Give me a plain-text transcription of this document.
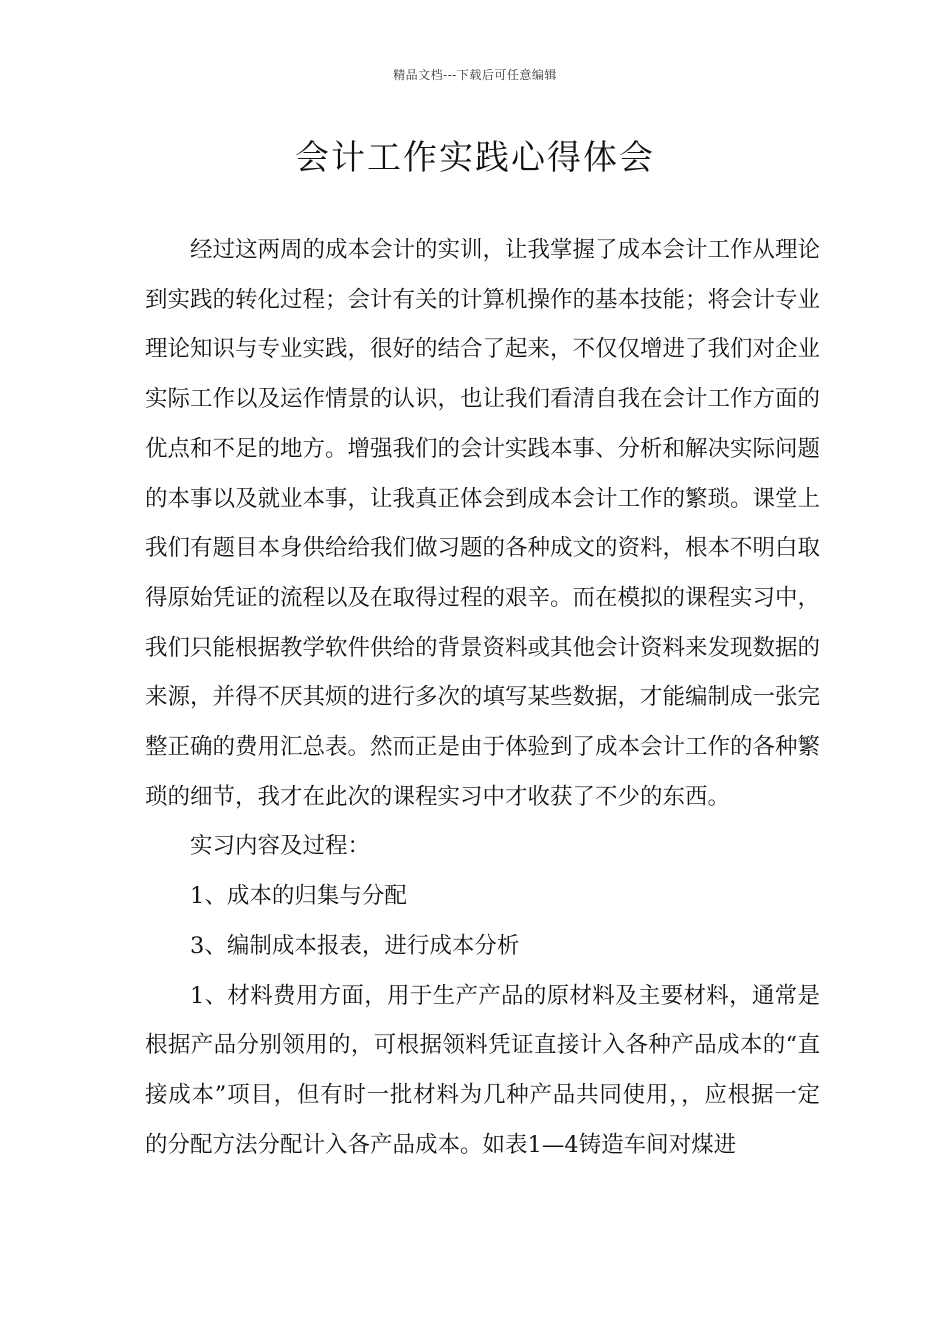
精品文档---下载后可任意编辑
会计工作实践心得体会

经过这两周的成本会计的实训，让我掌握了成本会计工作从理论到实践的转化过程；会计有关的计算机操作的基本技能；将会计专业理论知识与专业实践，很好的结合了起来，不仅仅增进了我们对企业实际工作以及运作情景的认识，也让我们看清自我在会计工作方面的优点和不足的地方。增强我们的会计实践本事、分析和解决实际问题的本事以及就业本事，让我真正体会到成本会计工作的繁琐。课堂上我们有题目本身供给给我们做习题的各种成文的资料，根本不明白取得原始凭证的流程以及在取得过程的艰辛。而在模拟的课程实习中，我们只能根据教学软件供给的背景资料或其他会计资料来发现数据的来源，并得不厌其烦的进行多次的填写某些数据，才能编制成一张完整正确的费用汇总表。然而正是由于体验到了成本会计工作的各种繁琐的细节，我才在此次的课程实习中才收获了不少的东西。

实习内容及过程：

1、成本的归集与分配

3、编制成本报表，进行成本分析

1、材料费用方面，用于生产产品的原材料及主要材料，通常是根据产品分别领用的，可根据领料凭证直接计入各种产品成本的“直接成本”项目，但有时一批材料为几种产品共同使用，，应根据一定的分配方法分配计入各产品成本。如表1—4铸造车间对煤进
